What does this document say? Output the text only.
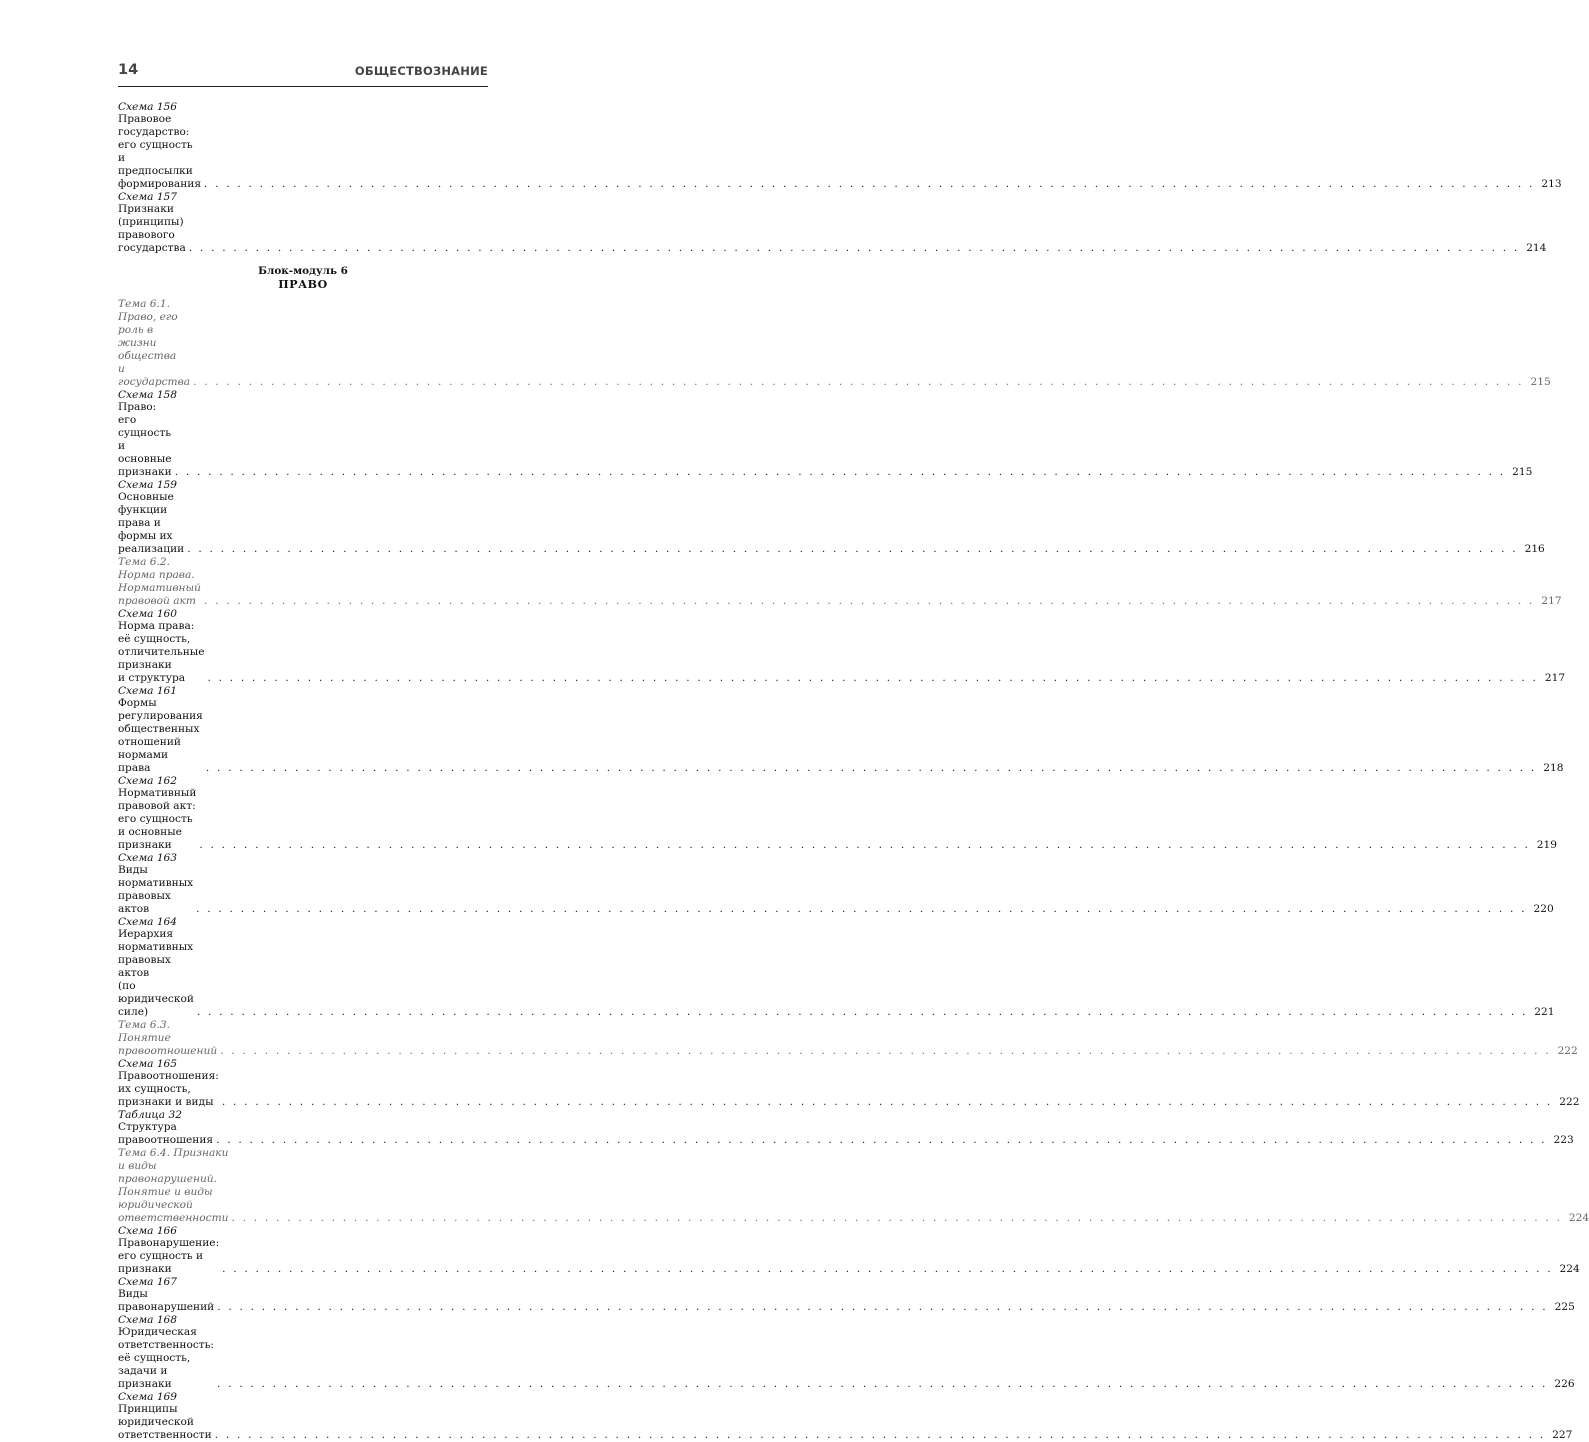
14	ОБЩЕСТВОЗНАНИЕ
Схема 156
Правовое государство: его сущность
и предпосылки формирования . . . . . . . . . . . . . . . . . . . . . . . . . . . . . . . . . . . . . . . . . . . . . . . . . . . . . . . . . . . . . . . . . . . . . . . . . . . . . . . . . . . . . . . . . . . . . . . . . . . . . . . . . . . . . . . . . . . . . . . . 213
Схема 157
Признаки (принципы) правового государства . . . . . . . . . . . . . . . . . . . . . . . . . . . . . . . . . . . . . . . . . . . . . . . . . . . . . . . . . . . . . . . . . . . . . . . . . . . . . . . . . . . . . . . . . . . . . . . . . . . . . . . . . . . . . . . . . . . . . . . . 214
Блок-модуль 6
ПРАВО
Тема 6.1. Право, его роль в жизни общества
и государства . . . . . . . . . . . . . . . . . . . . . . . . . . . . . . . . . . . . . . . . . . . . . . . . . . . . . . . . . . . . . . . . . . . . . . . . . . . . . . . . . . . . . . . . . . . . . . . . . . . . . . . . . . . . . . . . . . . . . . . . 215
Схема 158
Право: его сущность и основные признаки . . . . . . . . . . . . . . . . . . . . . . . . . . . . . . . . . . . . . . . . . . . . . . . . . . . . . . . . . . . . . . . . . . . . . . . . . . . . . . . . . . . . . . . . . . . . . . . . . . . . . . . . . . . . . . . . . . . . . . . . 215
Схема 159
Основные функции права и формы их реализации . . . . . . . . . . . . . . . . . . . . . . . . . . . . . . . . . . . . . . . . . . . . . . . . . . . . . . . . . . . . . . . . . . . . . . . . . . . . . . . . . . . . . . . . . . . . . . . . . . . . . . . . . . . . . . . . . . . . . . . . 216
Тема 6.2. Норма права. Нормативный правовой акт . . . . . . . . . . . . . . . . . . . . . . . . . . . . . . . . . . . . . . . . . . . . . . . . . . . . . . . . . . . . . . . . . . . . . . . . . . . . . . . . . . . . . . . . . . . . . . . . . . . . . . . . . . . . . . . . . . . . . . . . 217
Схема 160
Норма права: её сущность, отличительные признаки
и структура	. . . . . . . . . . . . . . . . . . . . . . . . . . . . . . . . . . . . . . . . . . . . . . . . . . . . . . . . . . . . . . . . . . . . . . . . . . . . . . . . . . . . . . . . . . . . . . . . . . . . . . . . . . . . . . . . . . . . . . . . 217
Схема 161
Формы регулирования общественных отношений
нормами права	. . . . . . . . . . . . . . . . . . . . . . . . . . . . . . . . . . . . . . . . . . . . . . . . . . . . . . . . . . . . . . . . . . . . . . . . . . . . . . . . . . . . . . . . . . . . . . . . . . . . . . . . . . . . . . . . . . . . . . . . 218
Схема 162
Нормативный правовой акт: его сущность
и основные признаки	. . . . . . . . . . . . . . . . . . . . . . . . . . . . . . . . . . . . . . . . . . . . . . . . . . . . . . . . . . . . . . . . . . . . . . . . . . . . . . . . . . . . . . . . . . . . . . . . . . . . . . . . . . . . . . . . . . . . . . . . 219
Схема 163
Виды нормативных правовых актов	. . . . . . . . . . . . . . . . . . . . . . . . . . . . . . . . . . . . . . . . . . . . . . . . . . . . . . . . . . . . . . . . . . . . . . . . . . . . . . . . . . . . . . . . . . . . . . . . . . . . . . . . . . . . . . . . . . . . . . . . 220
Схема 164
Иерархия нормативных правовых актов
(по юридической силе)	. . . . . . . . . . . . . . . . . . . . . . . . . . . . . . . . . . . . . . . . . . . . . . . . . . . . . . . . . . . . . . . . . . . . . . . . . . . . . . . . . . . . . . . . . . . . . . . . . . . . . . . . . . . . . . . . . . . . . . . . 221
Тема 6.3. Понятие правоотношений . . . . . . . . . . . . . . . . . . . . . . . . . . . . . . . . . . . . . . . . . . . . . . . . . . . . . . . . . . . . . . . . . . . . . . . . . . . . . . . . . . . . . . . . . . . . . . . . . . . . . . . . . . . . . . . . . . . . . . . . 222
Схема 165
Правоотношения: их сущность, признаки и виды . . . . . . . . . . . . . . . . . . . . . . . . . . . . . . . . . . . . . . . . . . . . . . . . . . . . . . . . . . . . . . . . . . . . . . . . . . . . . . . . . . . . . . . . . . . . . . . . . . . . . . . . . . . . . . . . . . . . . . . . 222
Таблица 32
Структура правоотношения . . . . . . . . . . . . . . . . . . . . . . . . . . . . . . . . . . . . . . . . . . . . . . . . . . . . . . . . . . . . . . . . . . . . . . . . . . . . . . . . . . . . . . . . . . . . . . . . . . . . . . . . . . . . . . . . . . . . . . . . 223
Тема 6.4. Признаки и виды правонарушений.
Понятие и виды юридической ответственности . . . . . . . . . . . . . . . . . . . . . . . . . . . . . . . . . . . . . . . . . . . . . . . . . . . . . . . . . . . . . . . . . . . . . . . . . . . . . . . . . . . . . . . . . . . . . . . . . . . . . . . . . . . . . . . . . . . . . . . . 224
Схема 166
Правонарушение: его сущность и признаки	. . . . . . . . . . . . . . . . . . . . . . . . . . . . . . . . . . . . . . . . . . . . . . . . . . . . . . . . . . . . . . . . . . . . . . . . . . . . . . . . . . . . . . . . . . . . . . . . . . . . . . . . . . . . . . . . . . . . . . . . 224
Схема 167
Виды правонарушений . . . . . . . . . . . . . . . . . . . . . . . . . . . . . . . . . . . . . . . . . . . . . . . . . . . . . . . . . . . . . . . . . . . . . . . . . . . . . . . . . . . . . . . . . . . . . . . . . . . . . . . . . . . . . . . . . . . . . . . . 225
Схема 168
Юридическая ответственность: её сущность,
задачи и признаки	. . . . . . . . . . . . . . . . . . . . . . . . . . . . . . . . . . . . . . . . . . . . . . . . . . . . . . . . . . . . . . . . . . . . . . . . . . . . . . . . . . . . . . . . . . . . . . . . . . . . . . . . . . . . . . . . . . . . . . . . 226
Схема 169
Принципы юридической ответственности . . . . . . . . . . . . . . . . . . . . . . . . . . . . . . . . . . . . . . . . . . . . . . . . . . . . . . . . . . . . . . . . . . . . . . . . . . . . . . . . . . . . . . . . . . . . . . . . . . . . . . . . . . . . . . . . . . . . . . . . 227
